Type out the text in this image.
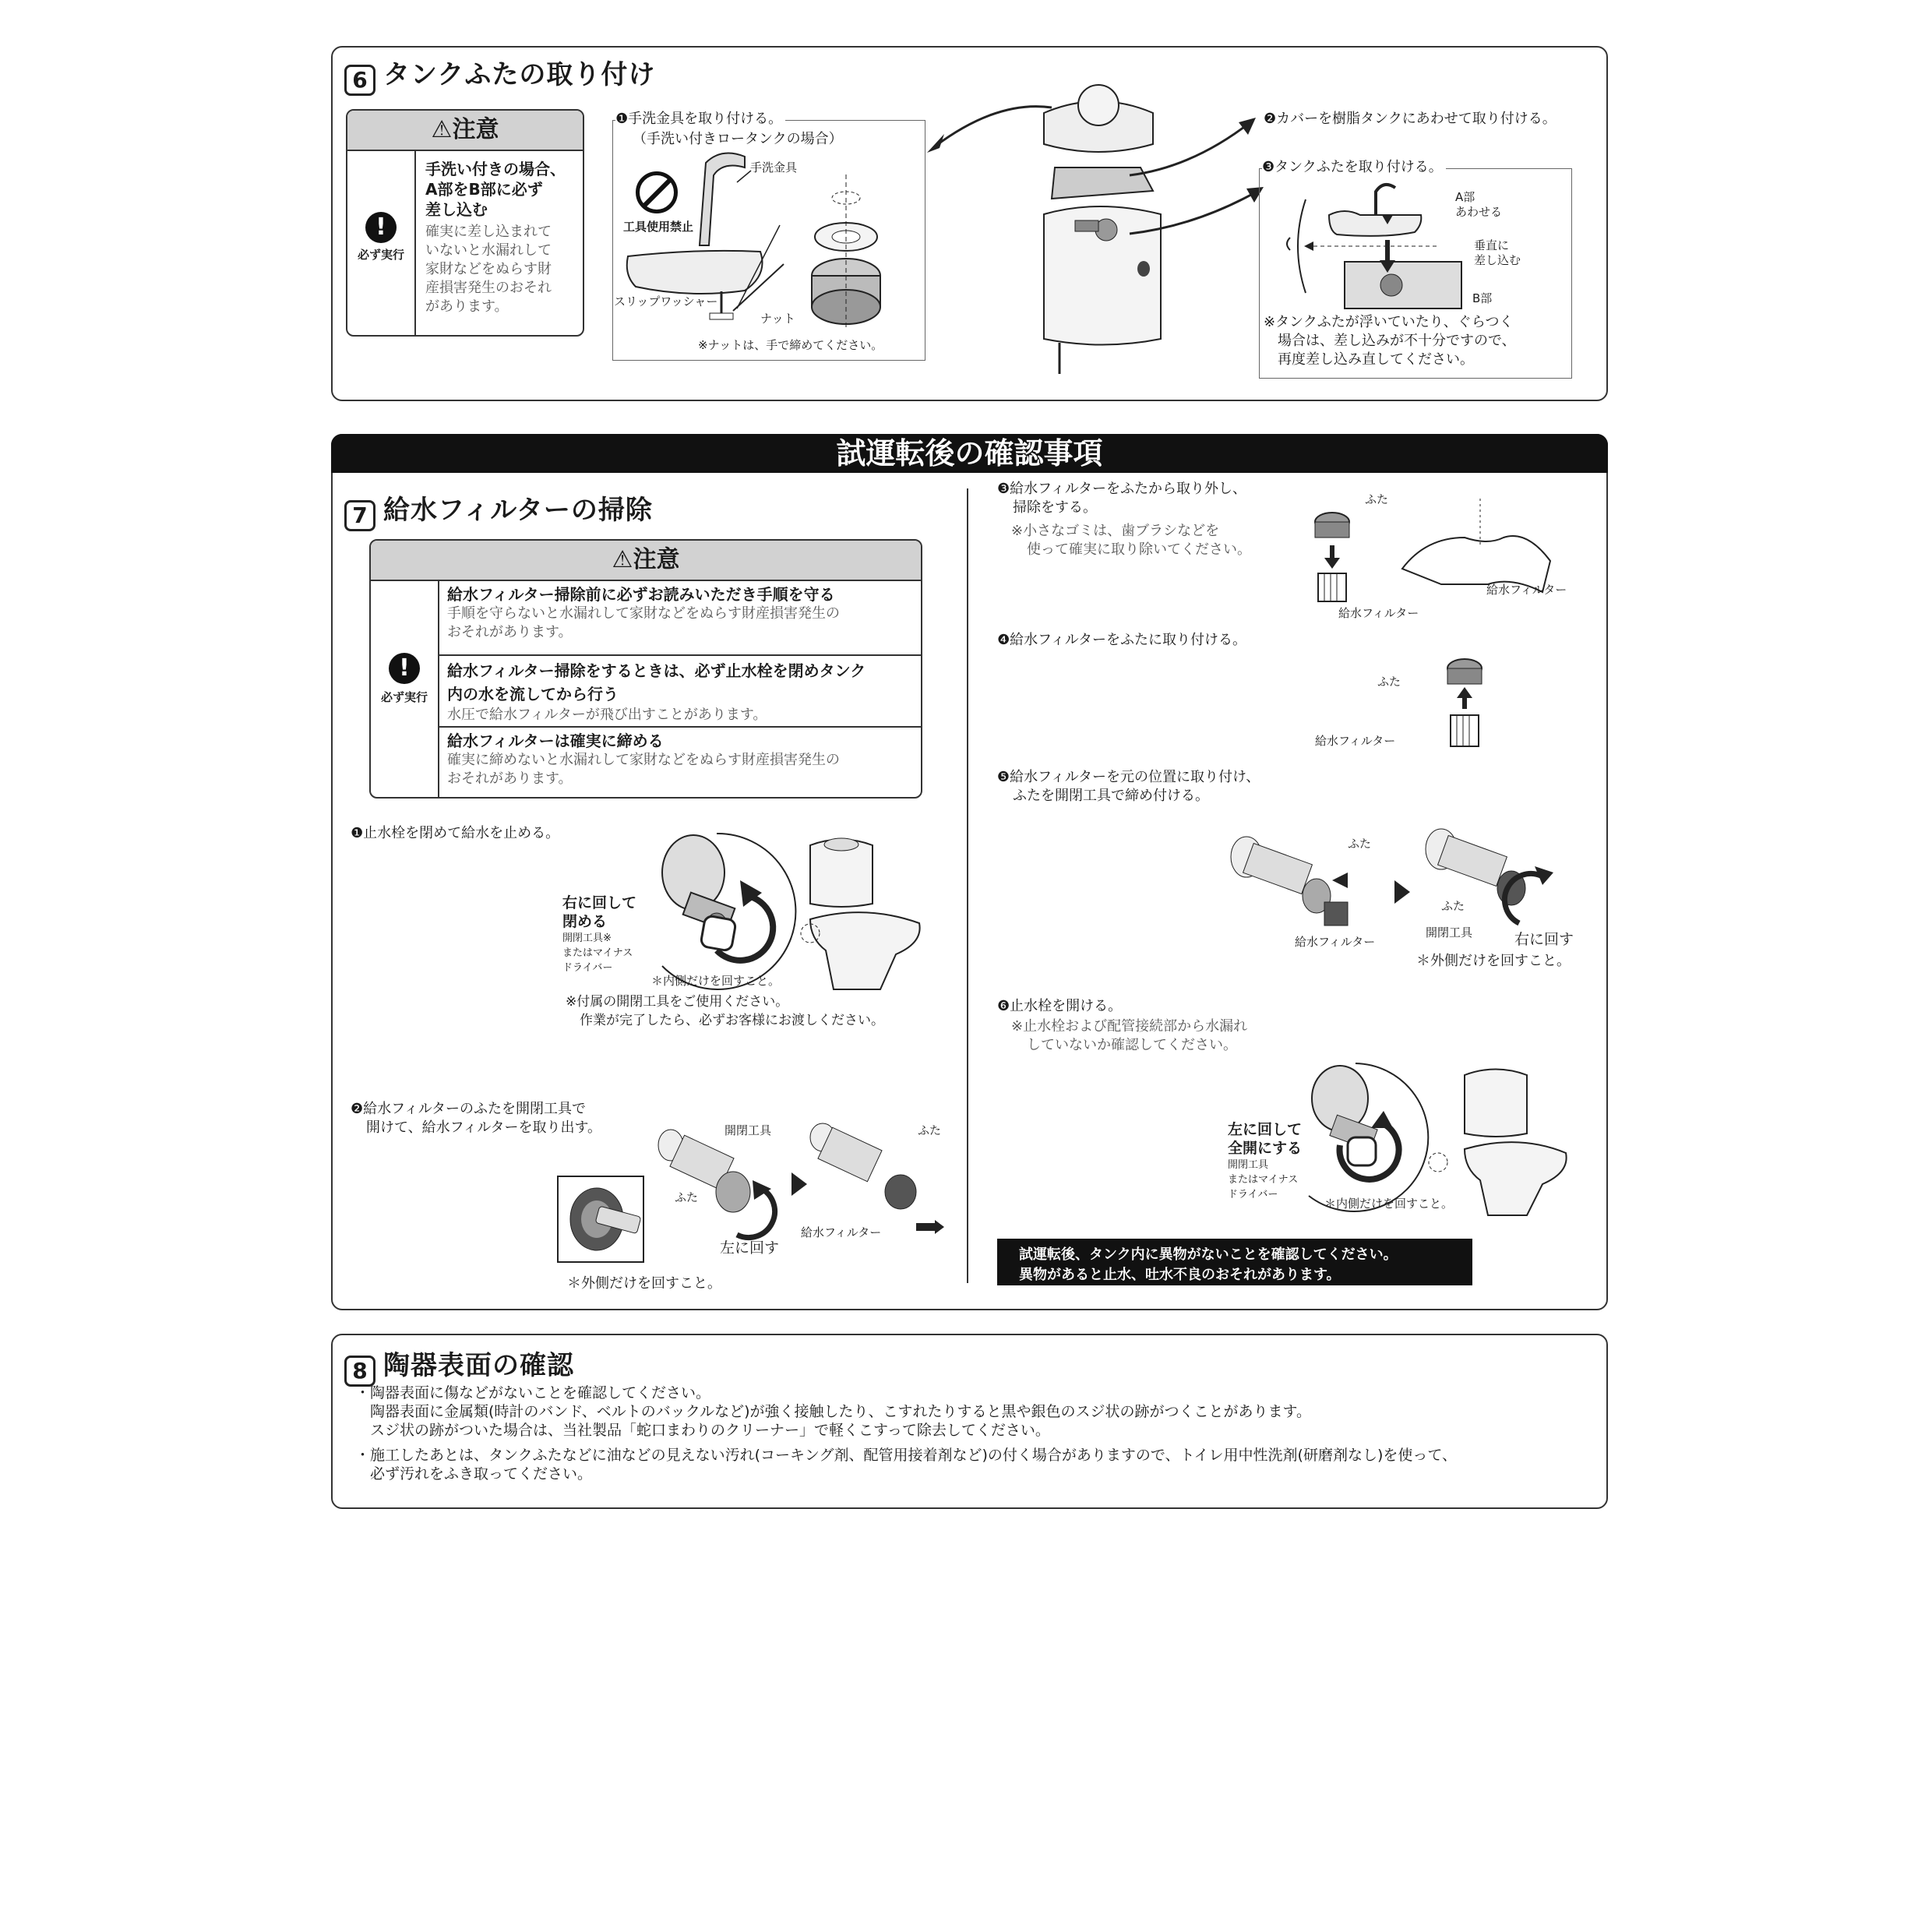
6 タンクふたの取り付け
⚠注意
!
必ず実行
手洗い付きの場合、
A部をB部に必ず
差し込む
確実に差し込まれて
いないと水漏れして
家財などをぬらす財
産損害発生のおそれ
があります。
❶手洗金具を取り付ける。
（手洗い付きロータンクの場合）
工具使用禁止
手洗金具
スリップワッシャー
ナット
※ナットは、手で締めてください。
❷カバーを樹脂タンクにあわせて取り付ける。
❸タンクふたを取り付ける。
A部
あわせる
垂直に
差し込む
B部
※タンクふたが浮いていたり、ぐらつく
場合は、差し込みが不十分ですので、
再度差し込み直してください。
試運転後の確認事項
7 給水フィルターの掃除
⚠注意
!
必ず実行
給水フィルター掃除前に必ずお読みいただき手順を守る
手順を守らないと水漏れして家財などをぬらす財産損害発生の
おそれがあります。
給水フィルター掃除をするときは、必ず止水栓を閉めタンク
内の水を流してから行う
水圧で給水フィルターが飛び出すことがあります。
給水フィルターは確実に締める
確実に締めないと水漏れして家財などをぬらす財産損害発生の
おそれがあります。
❶止水栓を閉めて給水を止める。
右に回して
閉める
開閉工具※
またはマイナス
ドライバー
＊内側だけを回すこと。
※付属の開閉工具をご使用ください。
作業が完了したら、必ずお客様にお渡しください。
❷給水フィルターのふたを開閉工具で
開けて、給水フィルターを取り出す。	開閉工具	ふた
ふた
左に回す
給水フィルター
＊外側だけを回すこと。
❸給水フィルターをふたから取り外し、
掃除をする。
※小さなゴミは、歯ブラシなどを
使って確実に取り除いてください。
ふた
給水フィルター
給水フィルター
❹給水フィルターをふたに取り付ける。
ふた
給水フィルター
❺給水フィルターを元の位置に取り付け、
ふたを開閉工具で締め付ける。
ふた
ふた
給水フィルター
開閉工具	右に回す
＊外側だけを回すこと。
❻止水栓を開ける。
※止水栓および配管接続部から水漏れ
していないか確認してください。
左に回して
全開にする
開閉工具
またはマイナス
ドライバー
＊内側だけを回すこと。
試運転後、タンク内に異物がないことを確認してください。
異物があると止水、吐水不良のおそれがあります。
8 陶器表面の確認
・陶器表面に傷などがないことを確認してください。
　陶器表面に金属類(時計のバンド、ベルトのバックルなど)が強く接触したり、こすれたりすると黒や銀色のスジ状の跡がつくことがあります。
　スジ状の跡がついた場合は、当社製品「蛇口まわりのクリーナー」で軽くこすって除去してください。
・施工したあとは、タンクふたなどに油などの見えない汚れ(コーキング剤、配管用接着剤など)の付く場合がありますので、トイレ用中性洗剤(研磨剤なし)を使って、
　必ず汚れをふき取ってください。
